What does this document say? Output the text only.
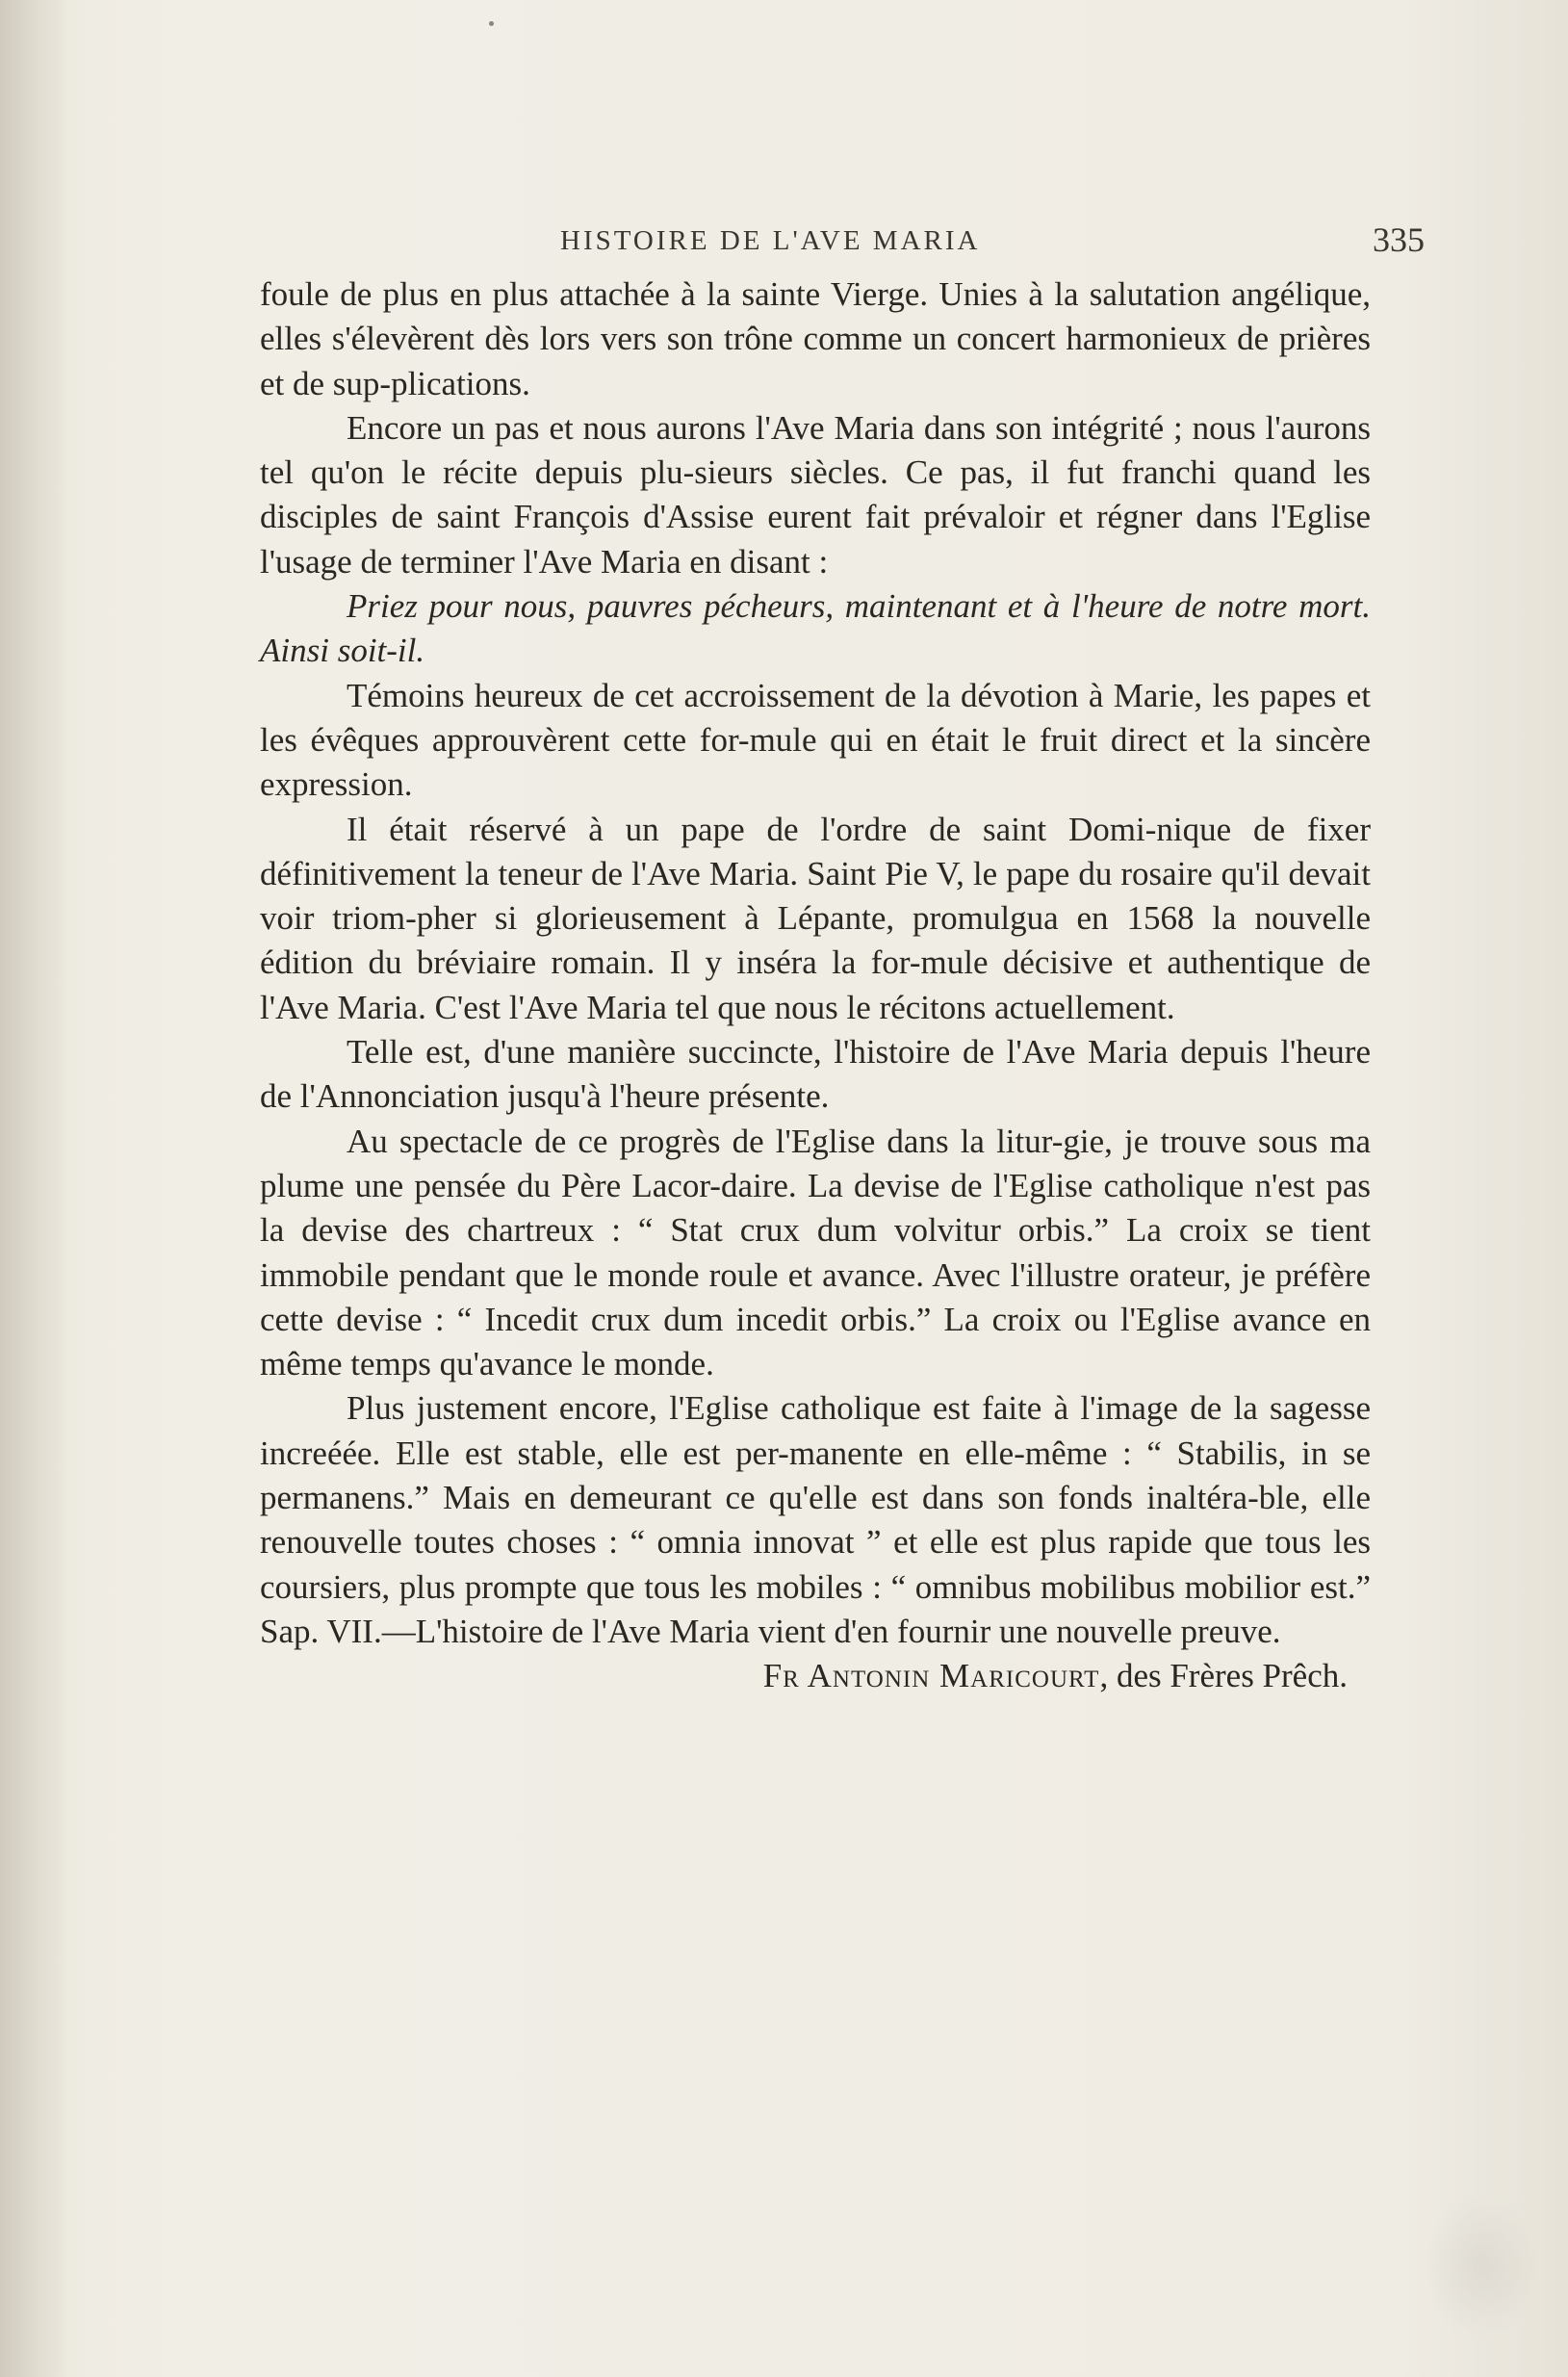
HISTOIRE DE L'AVE MARIA	335

foule de plus en plus attachée à la sainte Vierge. Unies à la salutation angélique, elles s'élevèrent dès lors vers son trône comme un concert harmonieux de prières et de sup-plications.

Encore un pas et nous aurons l'Ave Maria dans son intégrité ; nous l'aurons tel qu'on le récite depuis plu-sieurs siècles. Ce pas, il fut franchi quand les disciples de saint François d'Assise eurent fait prévaloir et régner dans l'Eglise l'usage de terminer l'Ave Maria en disant :

Priez pour nous, pauvres pécheurs, maintenant et à l'heure de notre mort. Ainsi soit-il.

Témoins heureux de cet accroissement de la dévotion à Marie, les papes et les évêques approuvèrent cette for-mule qui en était le fruit direct et la sincère expression.

Il était réservé à un pape de l'ordre de saint Domi-nique de fixer définitivement la teneur de l'Ave Maria. Saint Pie V, le pape du rosaire qu'il devait voir triom-pher si glorieusement à Lépante, promulgua en 1568 la nouvelle édition du bréviaire romain. Il y inséra la for-mule décisive et authentique de l'Ave Maria. C'est l'Ave Maria tel que nous le récitons actuellement.

Telle est, d'une manière succincte, l'histoire de l'Ave Maria depuis l'heure de l'Annonciation jusqu'à l'heure présente.

Au spectacle de ce progrès de l'Eglise dans la litur-gie, je trouve sous ma plume une pensée du Père Lacor-daire. La devise de l'Eglise catholique n'est pas la devise des chartreux : “ Stat crux dum volvitur orbis.” La croix se tient immobile pendant que le monde roule et avance. Avec l'illustre orateur, je préfère cette devise : “ Incedit crux dum incedit orbis.” La croix ou l'Eglise avance en même temps qu'avance le monde.

Plus justement encore, l'Eglise catholique est faite à l'image de la sagesse increéée. Elle est stable, elle est per-manente en elle-même : “ Stabilis, in se permanens.” Mais en demeurant ce qu'elle est dans son fonds inaltéra-ble, elle renouvelle toutes choses : “ omnia innovat ” et elle est plus rapide que tous les coursiers, plus prompte que tous les mobiles : “ omnibus mobilibus mobilior est.” Sap. VII.—L'histoire de l'Ave Maria vient d'en fournir une nouvelle preuve.

Fr Antonin Maricourt, des Frères Prêch.
